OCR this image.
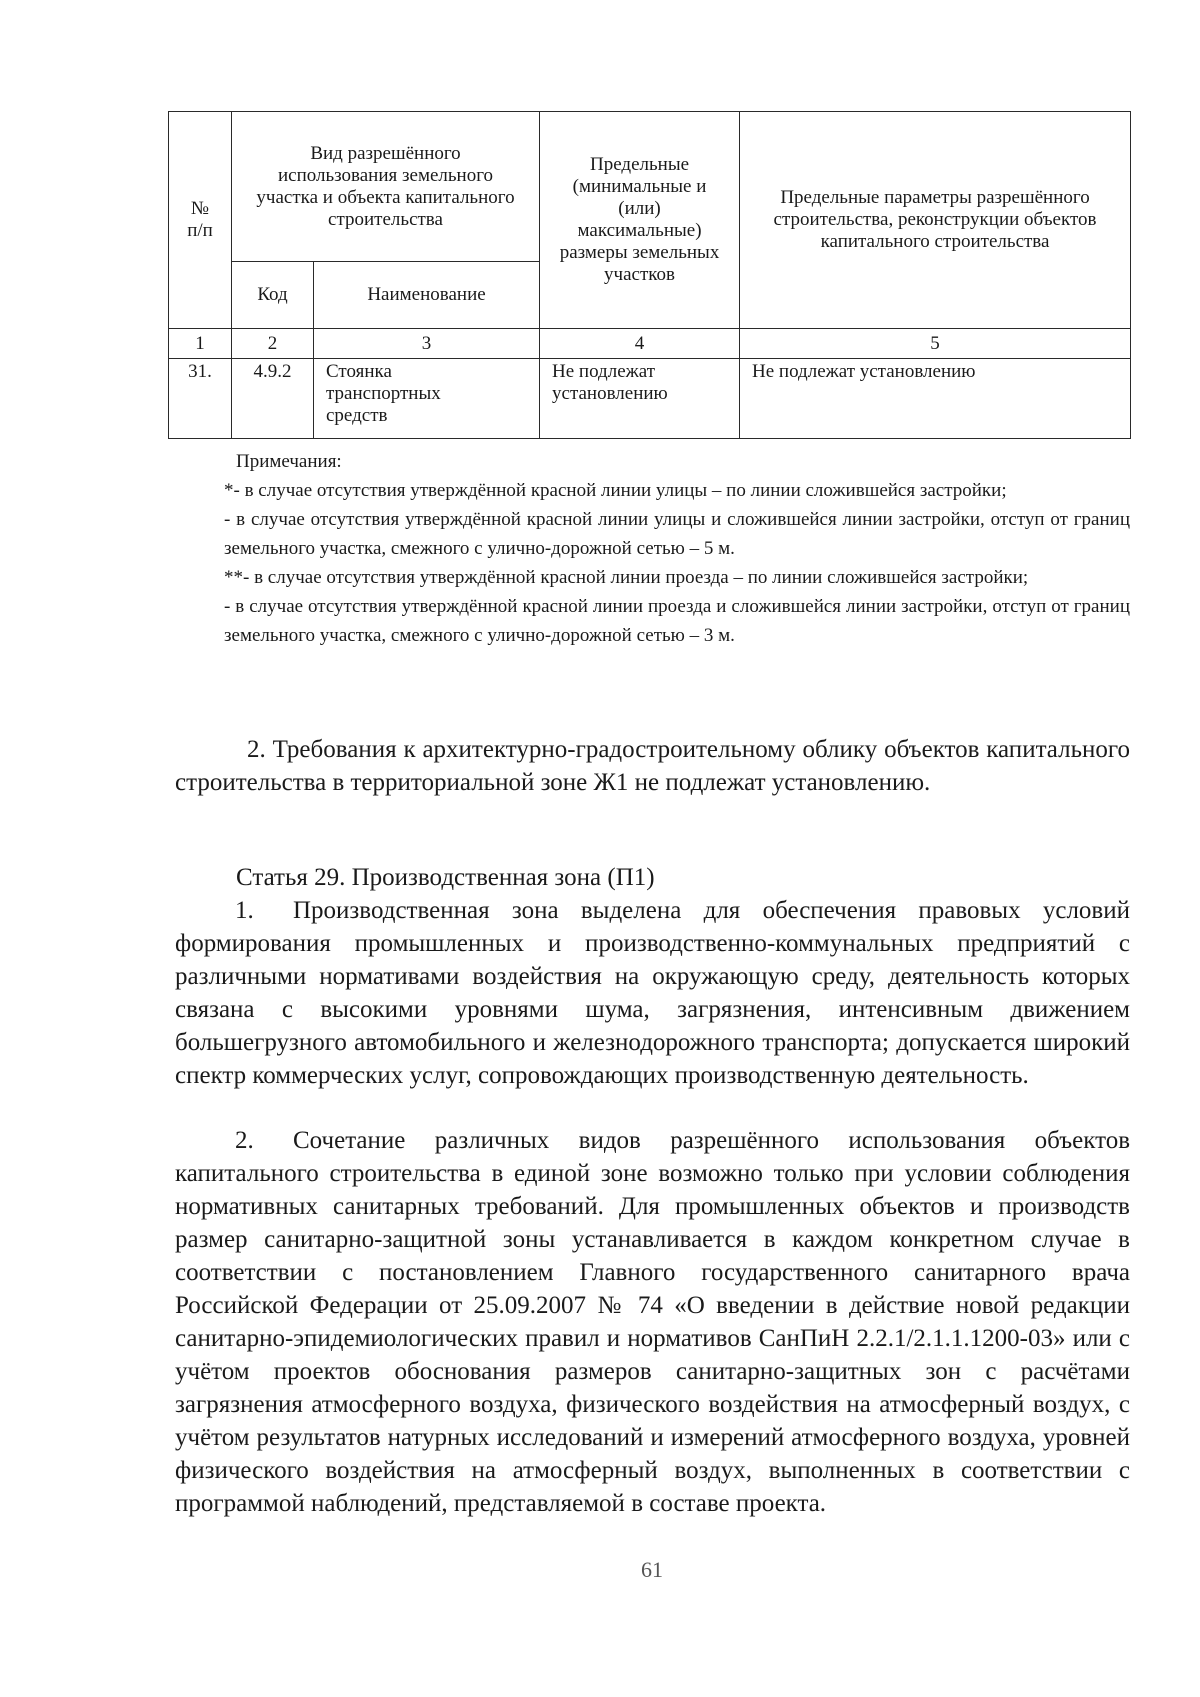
№ п/п	Вид разрешённого использования земельного участка и объекта капитального строительства		Предельные (минимальные и (или) максимальные) размеры земельных участков	Предельные параметры разрешённого строительства, реконструкции объектов капитального строительства
	Код	Наименование		
1	2	3	4	5
31.	4.9.2	Стоянка транспортных средств	Не подлежат установлению	Не подлежат установлению
Примечания:
*- в случае отсутствия утверждённой красной линии улицы – по линии сложившейся застройки;
- в случае отсутствия утверждённой красной линии улицы и сложившейся линии застройки, отступ от границ земельного участка, смежного с улично-дорожной сетью – 5 м.
**- в случае отсутствия утверждённой красной линии проезда – по линии сложившейся застройки;
- в случае отсутствия утверждённой красной линии проезда и сложившейся линии застройки, отступ от границ земельного участка, смежного с улично-дорожной сетью – 3 м.
2. Требования к архитектурно-градостроительному облику объектов капитального строительства в территориальной зоне Ж1 не подлежат установлению.
Статья 29. Производственная зона (П1)
1. Производственная зона выделена для обеспечения правовых условий формирования промышленных и производственно-коммунальных предприятий с различными нормативами воздействия на окружающую среду, деятельность которых связана с высокими уровнями шума, загрязнения, интенсивным движением большегрузного автомобильного и железнодорожного транспорта; допускается широкий спектр коммерческих услуг, сопровождающих производственную деятельность.
2. Сочетание различных видов разрешённого использования объектов капитального строительства в единой зоне возможно только при условии соблюдения нормативных санитарных требований. Для промышленных объектов и производств размер санитарно-защитной зоны устанавливается в каждом конкретном случае в соответствии с постановлением Главного государственного санитарного врача Российской Федерации от 25.09.2007 № 74 «О введении в действие новой редакции санитарно-эпидемиологических правил и нормативов СанПиН 2.2.1/2.1.1.1200-03» или с учётом проектов обоснования размеров санитарно-защитных зон с расчётами загрязнения атмосферного воздуха, физического воздействия на атмосферный воздух, с учётом результатов натурных исследований и измерений атмосферного воздуха, уровней физического воздействия на атмосферный воздух, выполненных в соответствии с программой наблюдений, представляемой в составе проекта.
61
